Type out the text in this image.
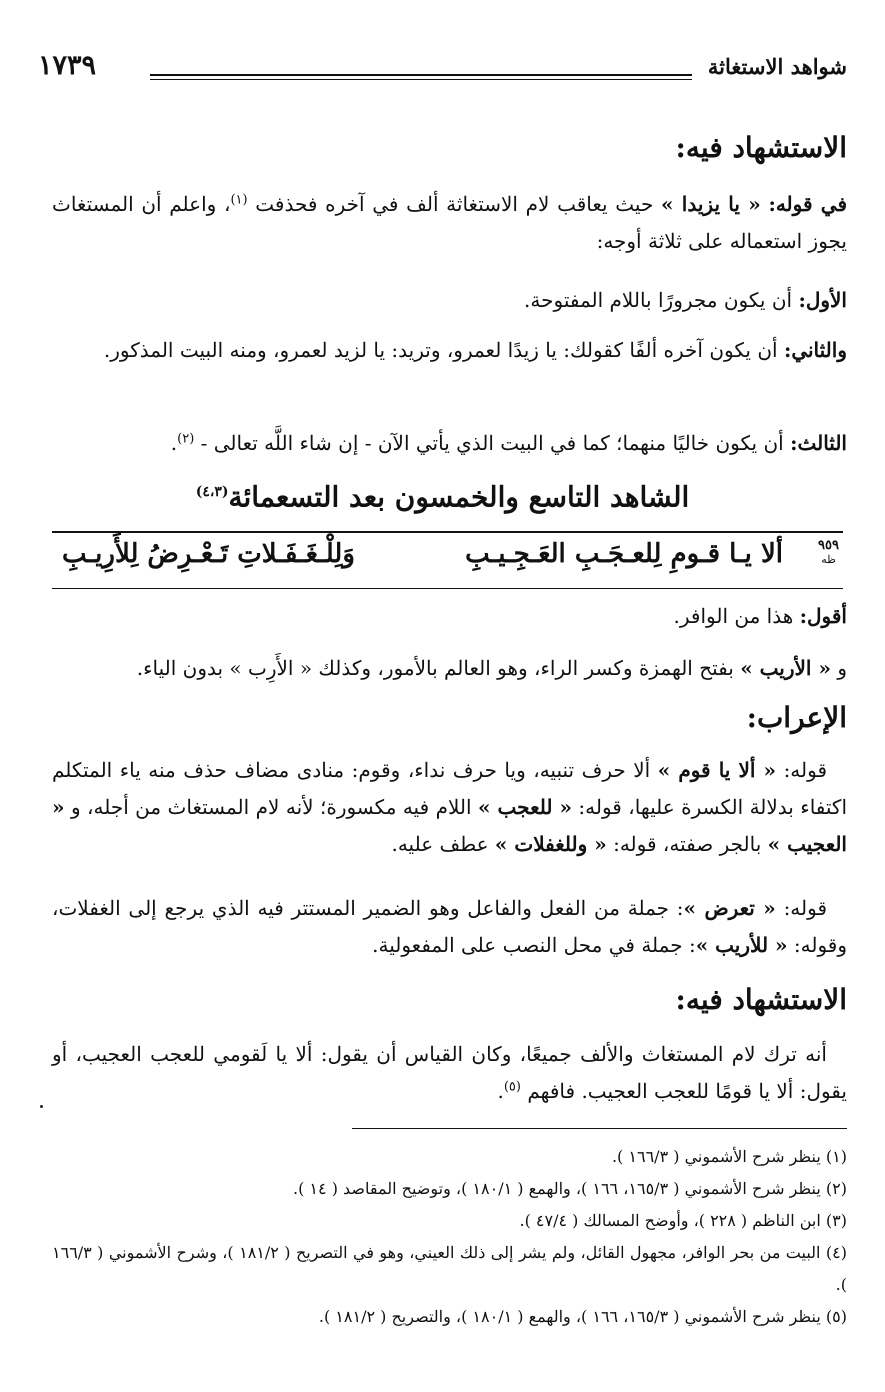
شواهد الاستغاثة
١٧٣٩
الاستشهاد فيه:

في قوله: « يا يزيدا » حيث يعاقب لام الاستغاثة ألف في آخره فحذفت $^{(١)}$، واعلم أن المستغاث يجوز استعماله على ثلاثة أوجه:

الأول: أن يكون مجرورًا باللام المفتوحة.

والثاني: أن يكون آخره ألفًا كقولك: يا زيدًا لعمرو، وتريد: يا لزيد لعمرو، ومنه البيت المذكور.

الثالث: أن يكون خاليًا منهما؛ كما في البيت الذي يأتي الآن - إن شاء اللَّه تعالى - $^{(٢)}$.

الشاهد التاسع والخمسون بعد التسعمائة$^{(٤،٣)}$
٩٥٩
ظه
ألا يـا قـومِ لِلعـجَـبِ العَـجِـيـبِ
وَلِلْـغَـفَـلاتِ تَـعْـرِضُ لِلأَرِيـبِ

أقول: هذا من الوافر.

و « الأريب » بفتح الهمزة وكسر الراء، وهو العالم بالأمور، وكذلك « الأَرِب » بدون الياء.

الإعراب:

قوله: « ألا يا قوم » ألا حرف تنبيه، ويا حرف نداء، وقوم: منادى مضاف حذف منه ياء المتكلم اكتفاء بدلالة الكسرة عليها، قوله: « للعجب » اللام فيه مكسورة؛ لأنه لام المستغاث من أجله، و « العجيب » بالجر صفته، قوله: « وللغفلات » عطف عليه.

قوله: « تعرض »: جملة من الفعل والفاعل وهو الضمير المستتر فيه الذي يرجع إلى الغفلات، وقوله: « للأريب »: جملة في محل النصب على المفعولية.

الاستشهاد فيه:

أنه ترك لام المستغاث والألف جميعًا، وكان القياس أن يقول: ألا يا لَقومي للعجب العجيب، أو يقول: ألا يا قومًا للعجب العجيب. فافهم $^{(٥)}$.

(١) ينظر شرح الأشموني ( ١٦٦/٣ ).
(٢) ينظر شرح الأشموني ( ١٦٥/٣، ١٦٦ )، والهمع ( ١٨٠/١ )، وتوضيح المقاصد ( ١٤ ).
(٣) ابن الناظم ( ٢٢٨ )، وأوضح المسالك ( ٤٧/٤ ).
(٤) البيت من بحر الوافر، مجهول القائل، ولم يشر إلى ذلك العيني، وهو في التصريح ( ١٨١/٢ )، وشرح الأشموني ( ١٦٦/٣ ).
(٥) ينظر شرح الأشموني ( ١٦٥/٣، ١٦٦ )، والهمع ( ١٨٠/١ )، والتصريح ( ١٨١/٢ ).
